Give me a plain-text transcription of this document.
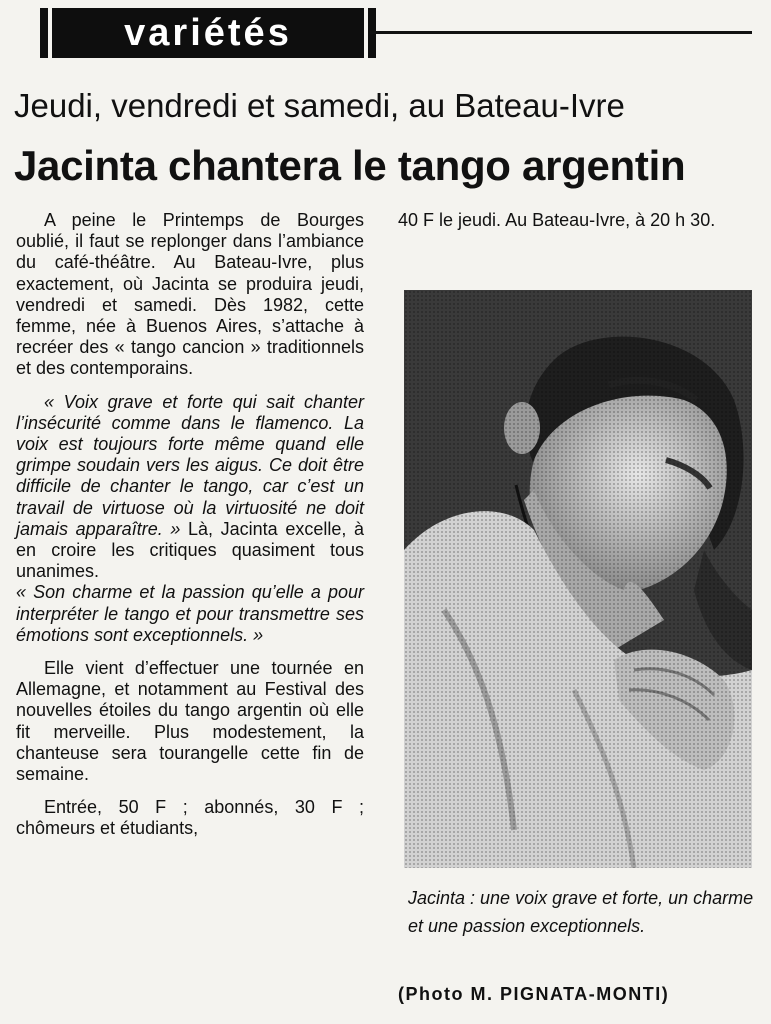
variétés
Jeudi, vendredi et samedi, au Bateau-Ivre
Jacinta chantera le tango argentin

A peine le Printemps de Bourges oublié, il faut se replonger dans l’ambiance du café-théâtre. Au Bateau-Ivre, plus exactement, où Jacinta se produira jeudi, vendredi et samedi. Dès 1982, cette femme, née à Buenos Aires, s’attache à recréer des « tango cancion » traditionnels et des contemporains.

« Voix grave et forte qui sait chanter l’insécurité comme dans le flamenco. La voix est toujours forte même quand elle grimpe soudain vers les aigus. Ce doit être difficile de chanter le tango, car c’est un travail de virtuose où la virtuosité ne doit jamais apparaître. » Là, Jacinta excelle, à en croire les critiques quasiment tous unanimes.

« Son charme et la passion qu’elle a pour interpréter le tango et pour transmettre ses émotions sont exceptionnels. »

Elle vient d’effectuer une tournée en Allemagne, et notamment au Festival des nouvelles étoiles du tango argentin où elle fit merveille. Plus modestement, la chanteuse sera tourangelle cette fin de semaine.

Entrée, 50 F ; abonnés, 30 F ; chômeurs et étudiants,

40 F le jeudi. Au Bateau-Ivre, à 20 h 30.

Jacinta : une voix grave et forte, un charme et une passion exceptionnels.
(Photo M. PIGNATA-MONTI)
